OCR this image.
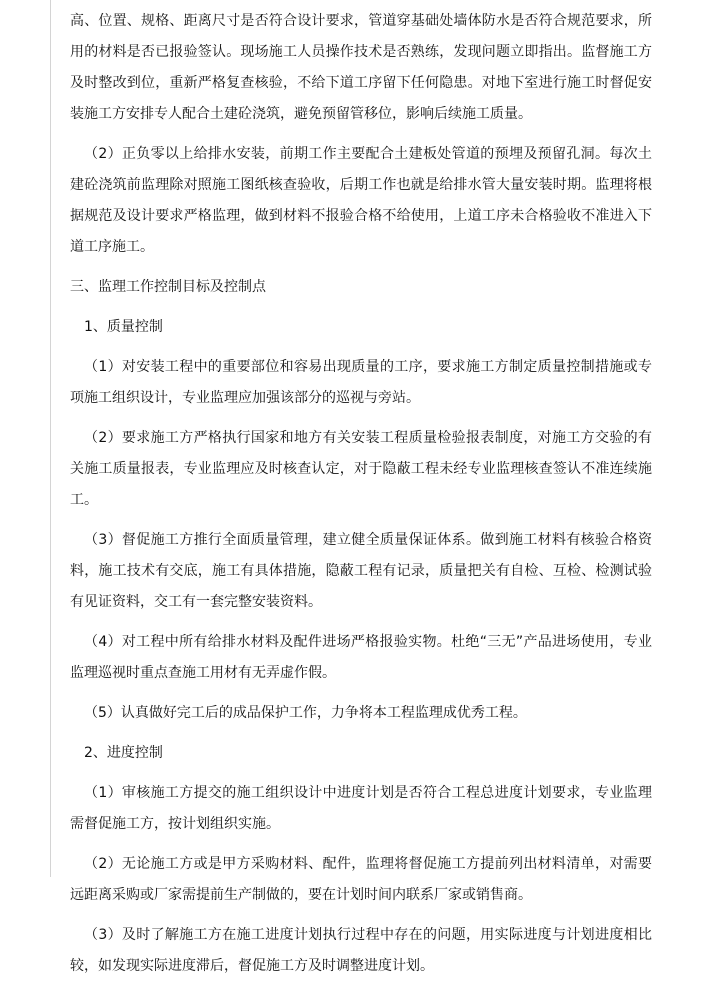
高、位置、规格、距离尺寸是否符合设计要求，管道穿基础处墙体防水是否符合规范要求，所用的材料是否已报验签认。现场施工人员操作技术是否熟练，发现问题立即指出。监督施工方及时整改到位，重新严格复查核验，不给下道工序留下任何隐患。对地下室进行施工时督促安装施工方安排专人配合土建砼浇筑，避免预留管移位，影响后续施工质量。

（2）正负零以上给排水安装，前期工作主要配合土建板处管道的预埋及预留孔洞。每次土建砼浇筑前监理除对照施工图纸核查验收，后期工作也就是给排水管大量安装时期。监理将根据规范及设计要求严格监理，做到材料不报验合格不给使用，上道工序未合格验收不准进入下道工序施工。

三、监理工作控制目标及控制点

1、质量控制

（1）对安装工程中的重要部位和容易出现质量的工序，要求施工方制定质量控制措施或专项施工组织设计，专业监理应加强该部分的巡视与旁站。

（2）要求施工方严格执行国家和地方有关安装工程质量检验报表制度，对施工方交验的有关施工质量报表，专业监理应及时核查认定，对于隐蔽工程未经专业监理核查签认不准连续施工。

（3）督促施工方推行全面质量管理，建立健全质量保证体系。做到施工材料有核验合格资料，施工技术有交底，施工有具体措施，隐蔽工程有记录，质量把关有自检、互检、检测试验有见证资料，交工有一套完整安装资料。

（4）对工程中所有给排水材料及配件进场严格报验实物。杜绝“三无”产品进场使用，专业监理巡视时重点查施工用材有无弄虚作假。

（5）认真做好完工后的成品保护工作，力争将本工程监理成优秀工程。

2、进度控制

（1）审核施工方提交的施工组织设计中进度计划是否符合工程总进度计划要求，专业监理需督促施工方，按计划组织实施。

（2）无论施工方或是甲方采购材料、配件，监理将督促施工方提前列出材料清单，对需要远距离采购或厂家需提前生产制做的，要在计划时间内联系厂家或销售商。

（3）及时了解施工方在施工进度计划执行过程中存在的问题，用实际进度与计划进度相比较，如发现实际进度滞后，督促施工方及时调整进度计划。
